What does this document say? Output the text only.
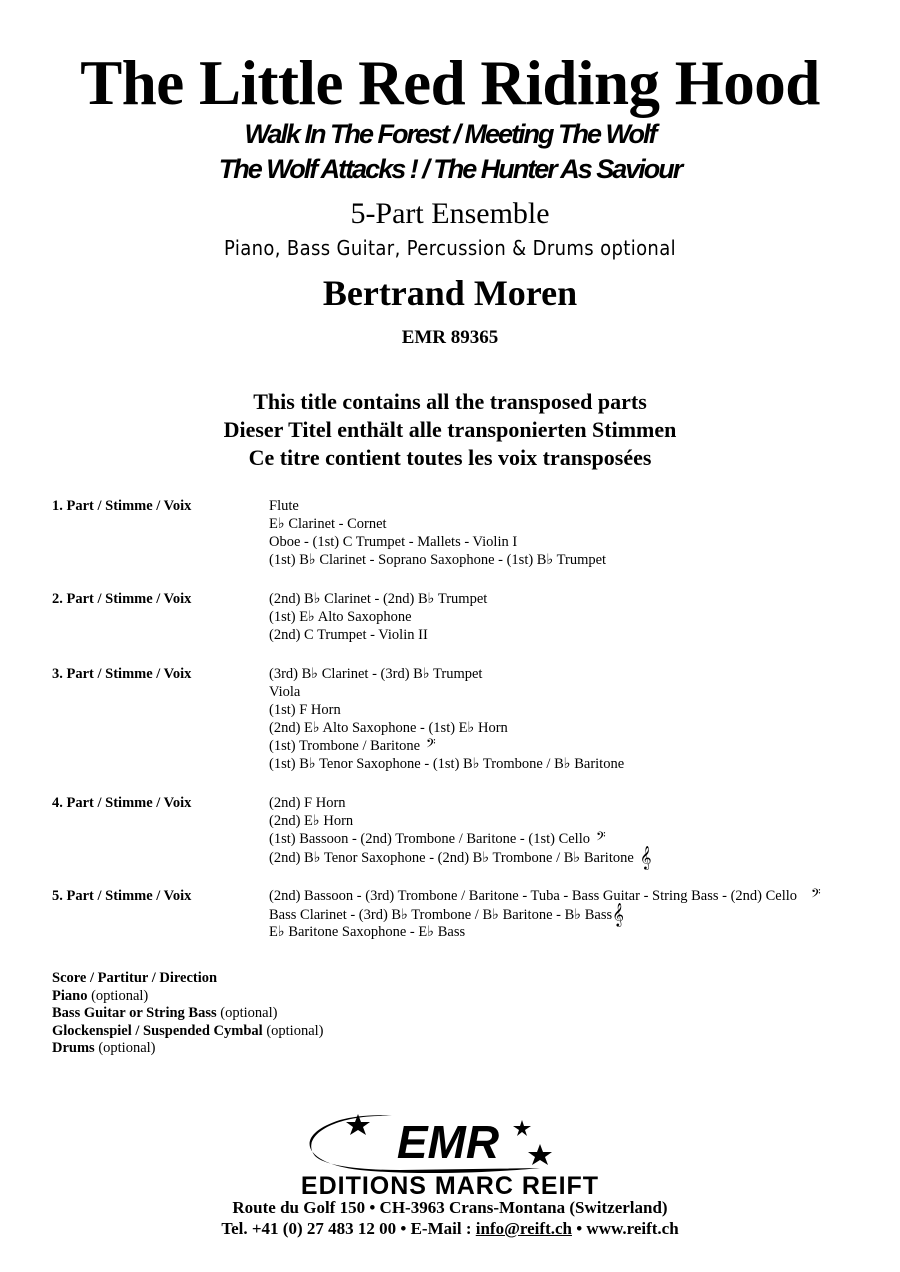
The Little Red Riding Hood
Walk In The Forest / Meeting The Wolf
The Wolf Attacks ! / The Hunter As Saviour
5-Part Ensemble
Piano, Bass Guitar, Percussion & Drums optional
Bertrand Moren
EMR 89365
This title contains all the transposed parts
Dieser Titel enthält alle transponierten Stimmen
Ce titre contient toutes les voix transposées
1. Part / Stimme / Voix	Flute
E♭ Clarinet - Cornet
Oboe - (1st) C Trumpet - Mallets - Violin I
(1st) B♭ Clarinet - Soprano Saxophone - (1st) B♭ Trumpet
2. Part / Stimme / Voix	(2nd) B♭ Clarinet - (2nd) B♭ Trumpet
(1st) E♭ Alto Saxophone
(2nd) C Trumpet - Violin II
3. Part / Stimme / Voix	(3rd) B♭ Clarinet - (3rd) B♭ Trumpet
Viola
(1st) F Horn
(2nd) E♭ Alto Saxophone - (1st) E♭ Horn
(1st) Trombone / Baritone 𝄢
(1st) B♭ Tenor Saxophone - (1st) B♭ Trombone / B♭ Baritone
4. Part / Stimme / Voix	(2nd) F Horn
(2nd) E♭ Horn
(1st) Bassoon - (2nd) Trombone / Baritone - (1st) Cello 𝄢
(2nd) B♭ Tenor Saxophone - (2nd) B♭ Trombone / B♭ Baritone 𝄞
5. Part / Stimme / Voix	(2nd) Bassoon - (3rd) Trombone / Baritone - Tuba - Bass Guitar - String Bass - (2nd) Cello 𝄢
Bass Clarinet - (3rd) B♭ Trombone / B♭ Baritone - B♭ Bass𝄞
E♭ Baritone Saxophone - E♭ Bass
Score / Partitur / Direction
Piano (optional)
Bass Guitar or String Bass (optional)
Glockenspiel / Suspended Cymbal (optional)
Drums (optional)
EMR
EDITIONS MARC REIFT
Route du Golf 150 • CH-3963 Crans-Montana (Switzerland)
Tel. +41 (0) 27 483 12 00 • E-Mail : info@reift.ch • www.reift.ch
